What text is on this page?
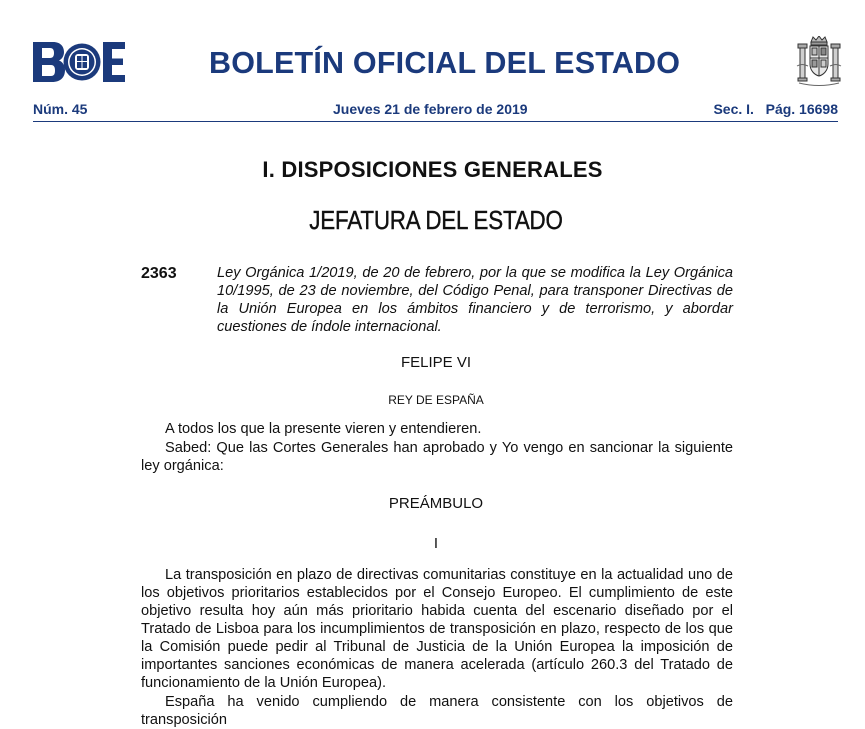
BOLETÍN OFICIAL DEL ESTADO
Núm. 45	Jueves 21 de febrero de 2019	Sec. I.   Pág. 16698
I. DISPOSICIONES GENERALES
JEFATURA DEL ESTADO
2363	Ley Orgánica 1/2019, de 20 de febrero, por la que se modifica la Ley Orgánica 10/1995, de 23 de noviembre, del Código Penal, para transponer Directivas de la Unión Europea en los ámbitos financiero y de terrorismo, y abordar cuestiones de índole internacional.
FELIPE VI
REY DE ESPAÑA

A todos los que la presente vieren y entendieren.

Sabed: Que las Cortes Generales han aprobado y Yo vengo en sancionar la siguiente ley orgánica:

PREÁMBULO
I

La transposición en plazo de directivas comunitarias constituye en la actualidad uno de los objetivos prioritarios establecidos por el Consejo Europeo. El cumplimiento de este objetivo resulta hoy aún más prioritario habida cuenta del escenario diseñado por el Tratado de Lisboa para los incumplimientos de transposición en plazo, respecto de los que la Comisión puede pedir al Tribunal de Justicia de la Unión Europea la imposición de importantes sanciones económicas de manera acelerada (artículo 260.3 del Tratado de funcionamiento de la Unión Europea).

España ha venido cumpliendo de manera consistente con los objetivos de transposición
